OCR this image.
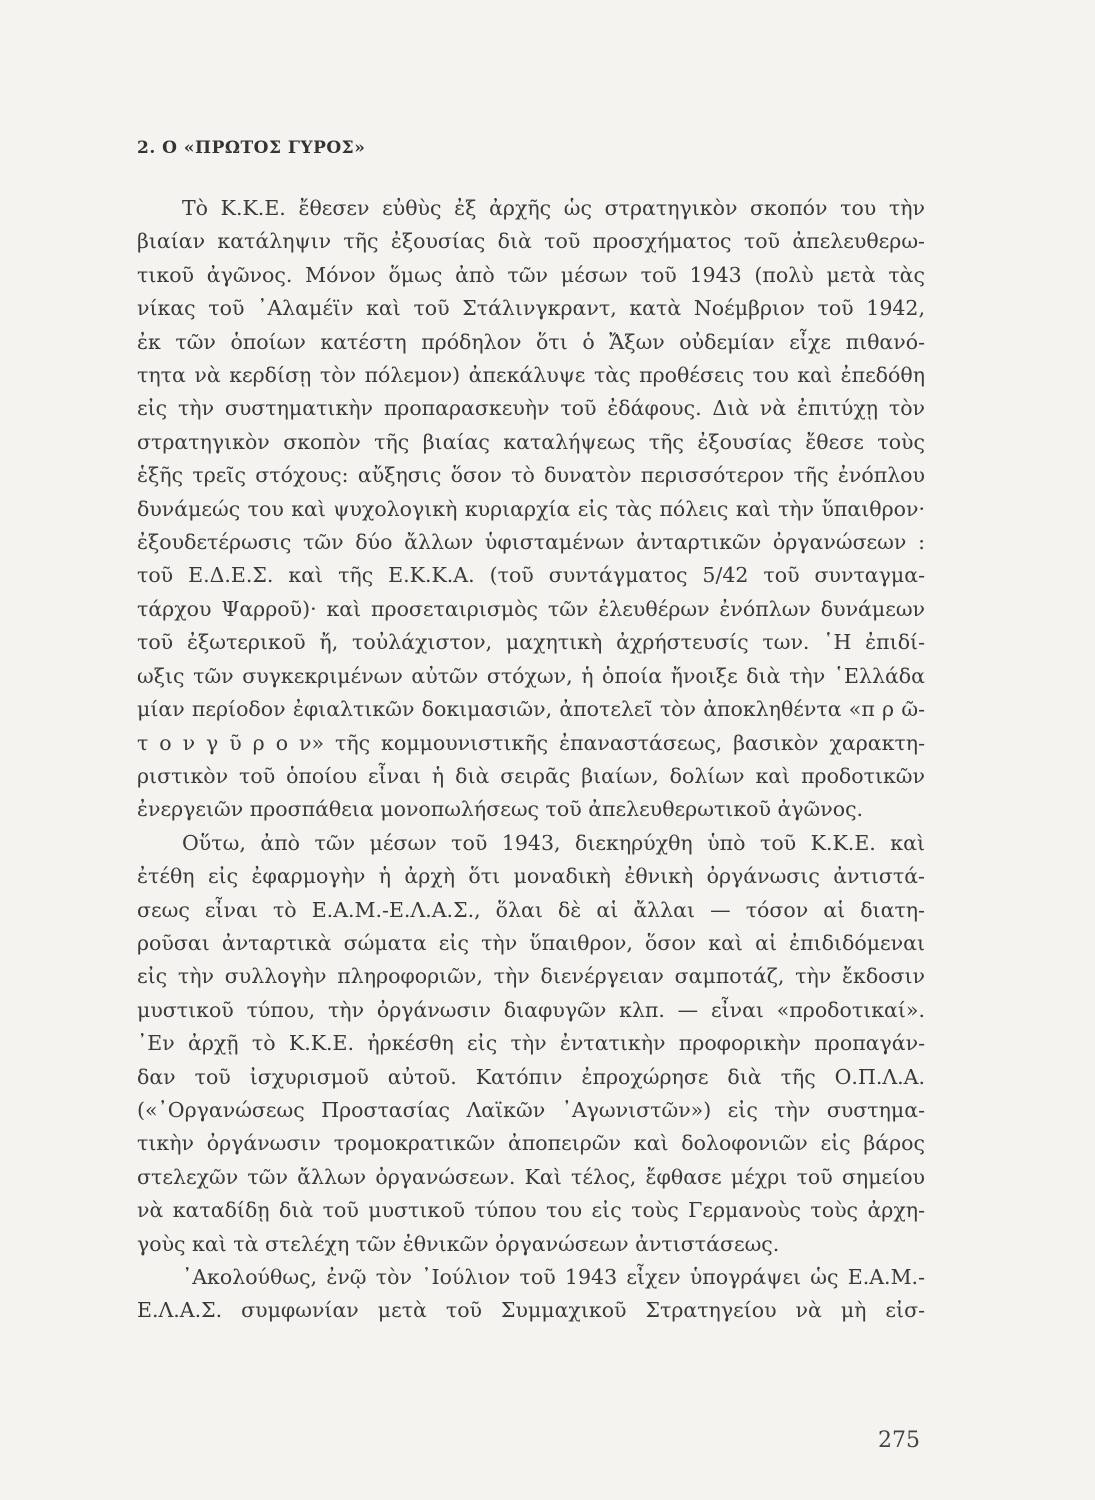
2. Ο «ΠΡΩΤΟΣ ΓΥΡΟΣ»

Τὸ Κ.Κ.Ε. ἔθεσεν εὐθὺς ἐξ ἀρχῆς ὡς στρατηγικὸν σκοπόν του τὴν
βιαίαν κατάληψιν τῆς ἐξουσίας διὰ τοῦ προσχήματος τοῦ ἀπελευθερω-
τικοῦ ἀγῶνος. Μόνον ὅμως ἀπὸ τῶν μέσων τοῦ 1943 (πολὺ μετὰ τὰς
νίκας τοῦ ᾿Αλαμέϊν καὶ τοῦ Στάλινγκραντ, κατὰ Νοέμβριον τοῦ 1942,
ἐκ τῶν ὁποίων κατέστη πρόδηλον ὅτι ὁ Ἄξων οὐδεμίαν εἶχε πιθανό-
τητα νὰ κερδίσῃ τὸν πόλεμον) ἀπεκάλυψε τὰς προθέσεις του καὶ ἐπεδόθη
εἰς τὴν συστηματικὴν προπαρασκευὴν τοῦ ἐδάφους. Διὰ νὰ ἐπιτύχῃ τὸν
στρατηγικὸν σκοπὸν τῆς βιαίας καταλήψεως τῆς ἐξουσίας ἔθεσε τοὺς
ἑξῆς τρεῖς στόχους: αὔξησις ὅσον τὸ δυνατὸν περισσότερον τῆς ἐνόπλου
δυνάμεώς του καὶ ψυχολογικὴ κυριαρχία εἰς τὰς πόλεις καὶ τὴν ὕπαιθρον·
ἐξουδετέρωσις τῶν δύο ἄλλων ὑφισταμένων ἀνταρτικῶν ὀργανώσεων :
τοῦ Ε.Δ.Ε.Σ. καὶ τῆς Ε.Κ.Κ.Α. (τοῦ συντάγματος 5/42 τοῦ συνταγμα-
τάρχου Ψαρροῦ)· καὶ προσεταιρισμὸς τῶν ἐλευθέρων ἐνόπλων δυνάμεων
τοῦ ἐξωτερικοῦ ἤ, τοὐλάχιστον, μαχητικὴ ἀχρήστευσίς των. ῾Η ἐπιδί-
ωξις τῶν συγκεκριμένων αὐτῶν στόχων, ἡ ὁποία ἤνοιξε διὰ τὴν ῾Ελλάδα
μίαν περίοδον ἐφιαλτικῶν δοκιμασιῶν, ἀποτελεῖ τὸν ἀποκληθέντα «π ρ ῶ-
τ ο ν γ ῦ ρ ο ν» τῆς κομμουνιστικῆς ἐπαναστάσεως, βασικὸν χαρακτη-
ριστικὸν τοῦ ὁποίου εἶναι ἡ διὰ σειρᾶς βιαίων, δολίων καὶ προδοτικῶν
ἐνεργειῶν προσπάθεια μονοπωλήσεως τοῦ ἀπελευθερωτικοῦ ἀγῶνος.

Οὕτω, ἀπὸ τῶν μέσων τοῦ 1943, διεκηρύχθη ὑπὸ τοῦ Κ.Κ.Ε. καὶ
ἐτέθη εἰς ἐφαρμογὴν ἡ ἀρχὴ ὅτι μοναδικὴ ἐθνικὴ ὀργάνωσις ἀντιστά-
σεως εἶναι τὸ Ε.Α.Μ.-Ε.Λ.Α.Σ., ὅλαι δὲ αἱ ἄλλαι — τόσον αἱ διατη-
ροῦσαι ἀνταρτικὰ σώματα εἰς τὴν ὕπαιθρον, ὅσον καὶ αἱ ἐπιδιδόμεναι
εἰς τὴν συλλογὴν πληροφοριῶν, τὴν διενέργειαν σαμποτάζ, τὴν ἔκδοσιν
μυστικοῦ τύπου, τὴν ὀργάνωσιν διαφυγῶν κλπ. — εἶναι «προδοτικαί».
᾿Εν ἀρχῇ τὸ Κ.Κ.Ε. ἠρκέσθη εἰς τὴν ἐντατικὴν προφορικὴν προπαγάν-
δαν τοῦ ἰσχυρισμοῦ αὐτοῦ. Κατόπιν ἐπροχώρησε διὰ τῆς Ο.Π.Λ.Α.
(«᾿Οργανώσεως Προστασίας Λαϊκῶν ᾿Αγωνιστῶν») εἰς τὴν συστημα-
τικὴν ὀργάνωσιν τρομοκρατικῶν ἀποπειρῶν καὶ δολοφονιῶν εἰς βάρος
στελεχῶν τῶν ἄλλων ὀργανώσεων. Καὶ τέλος, ἔφθασε μέχρι τοῦ σημείου
νὰ καταδίδῃ διὰ τοῦ μυστικοῦ τύπου του εἰς τοὺς Γερμανοὺς τοὺς ἀρχη-
γοὺς καὶ τὰ στελέχη τῶν ἐθνικῶν ὀργανώσεων ἀντιστάσεως.

᾿Ακολούθως, ἐνῷ τὸν ᾿Ιούλιον τοῦ 1943 εἶχεν ὑπογράψει ὡς Ε.Α.Μ.-
Ε.Λ.Α.Σ. συμφωνίαν μετὰ τοῦ Συμμαχικοῦ Στρατηγείου νὰ μὴ εἰσ-

275
